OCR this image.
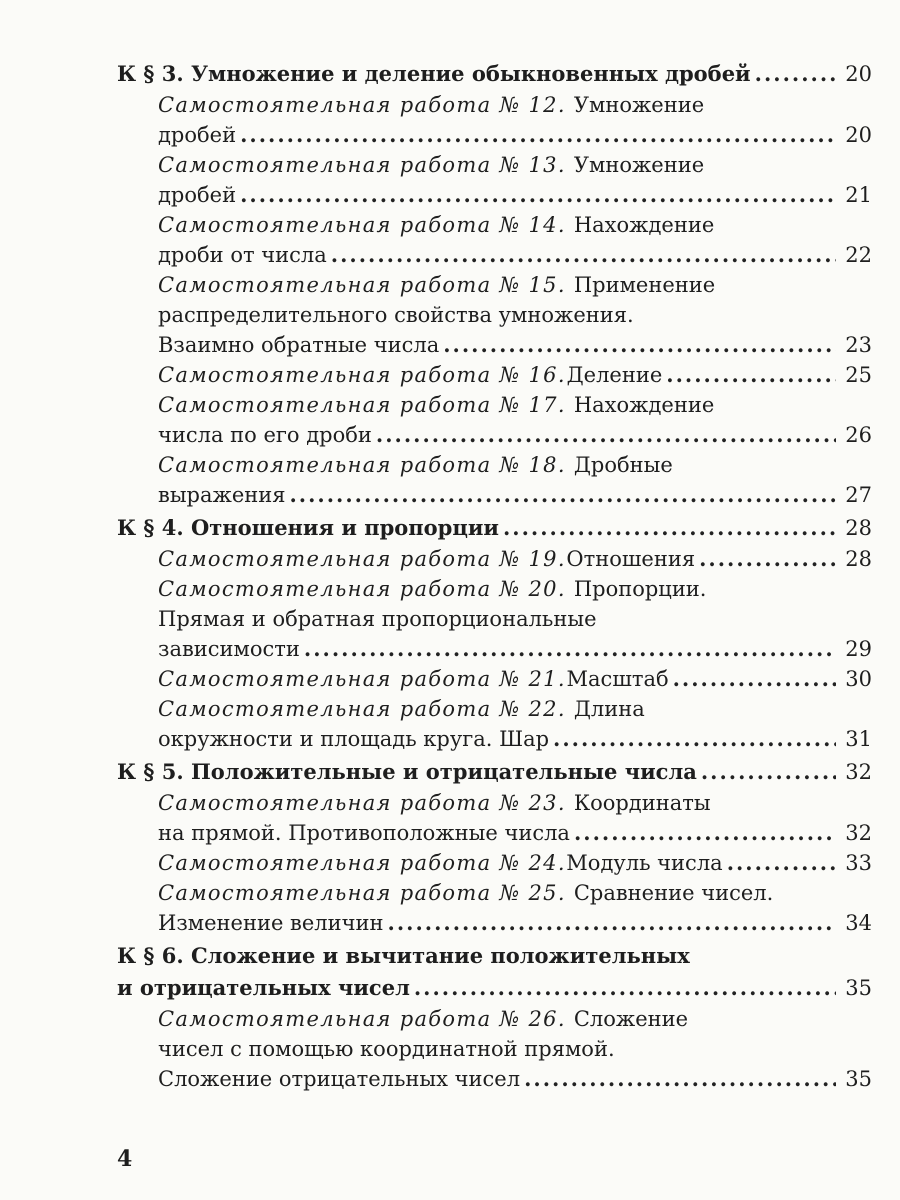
К § 3. Умножение и деление обыкновенных дробей .....	20
Самостоятельная работа № 12. Умножение
дробей .....	20
Самостоятельная работа № 13. Умножение
дробей .....	21
Самостоятельная работа № 14. Нахождение
дроби от числа .....	22
Самостоятельная работа № 15. Применение
распределительного свойства умножения.
Взаимно обратные числа .....	23
Самостоятельная работа № 16. Деление .....	25
Самостоятельная работа № 17. Нахождение
числа по его дроби .....	26
Самостоятельная работа № 18. Дробные
выражения .....	27
К § 4. Отношения и пропорции .....	28
Самостоятельная работа № 19. Отношения .....	28
Самостоятельная работа № 20. Пропорции.
Прямая и обратная пропорциональные
зависимости .....	29
Самостоятельная работа № 21. Масштаб .....	30
Самостоятельная работа № 22. Длина
окружности и площадь круга. Шар .....	31
К § 5. Положительные и отрицательные числа .....	32
Самостоятельная работа № 23. Координаты
на прямой. Противоположные числа .....	32
Самостоятельная работа № 24. Модуль числа .....	33
Самостоятельная работа № 25. Сравнение чисел.
Изменение величин .....	34
К § 6. Сложение и вычитание положительных
и отрицательных чисел .....	35
Самостоятельная работа № 26. Сложение
чисел с помощью координатной прямой.
Сложение отрицательных чисел .....	35
4
